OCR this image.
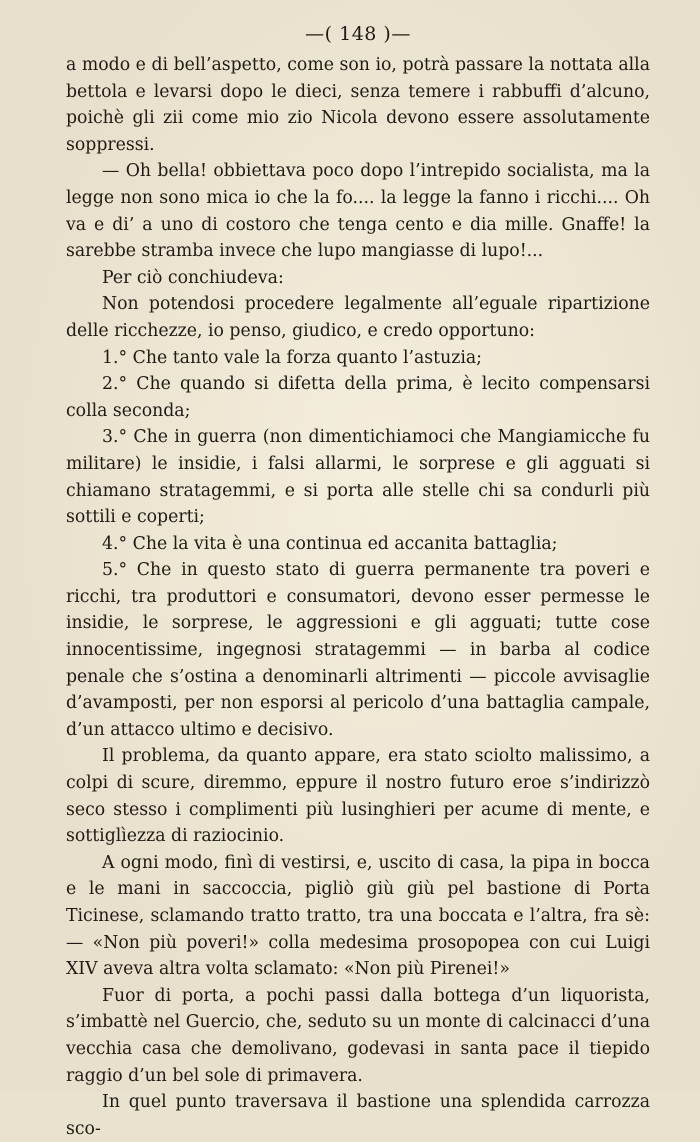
—( 148 )—

a modo e di bell’aspetto, come son io, potrà passare la nottata alla bettola e levarsi dopo le dieci, senza temere i rabbuffi d’alcuno, poichè gli zii come mio zio Nicola devono essere assolutamente soppressi.

— Oh bella! obbiettava poco dopo l’intrepido socialista, ma la legge non sono mica io che la fo.... la legge la fanno i ricchi.... Oh va e di’ a uno di costoro che tenga cento e dia mille. Gnaffe! la sarebbe stramba invece che lupo mangiasse di lupo!...

Per ciò conchiudeva:

Non potendosi procedere legalmente all’eguale ripartizione delle ricchezze, io penso, giudico, e credo opportuno:

1.° Che tanto vale la forza quanto l’astuzia;

2.° Che quando si difetta della prima, è lecito compensarsi colla seconda;

3.° Che in guerra (non dimentichiamoci che Mangiamicche fu militare) le insidie, i falsi allarmi, le sorprese e gli agguati si chiamano stratagemmi, e si porta alle stelle chi sa condurli più sottili e coperti;

4.° Che la vita è una continua ed accanita battaglia;

5.° Che in questo stato di guerra permanente tra poveri e ricchi, tra produttori e consumatori, devono esser permesse le insidie, le sorprese, le aggressioni e gli agguati; tutte cose innocentissime, ingegnosi stratagemmi — in barba al codice penale che s’ostina a denominarli altrimenti — piccole avvisaglie d’avamposti, per non esporsi al pericolo d’una battaglia campale, d’un attacco ultimo e decisivo.

Il problema, da quanto appare, era stato sciolto malissimo, a colpi di scure, diremmo, eppure il nostro futuro eroe s’indirizzò seco stesso i complimenti più lusinghieri per acume di mente, e sottiglìezza di raziocinio.

A ogni modo, finì di vestirsi, e, uscito di casa, la pipa in bocca e le mani in saccoccia, pigliò giù giù pel bastione di Porta Ticinese, sclamando tratto tratto, tra una boccata e l’altra, fra sè: — «Non più poveri!» colla medesima prosopopea con cui Luigi XIV aveva altra volta sclamato: «Non più Pirenei!»

Fuor di porta, a pochi passi dalla bottega d’un liquorista, s’imbattè nel Guercio, che, seduto su un monte di calcinacci d’una vecchia casa che demolivano, godevasi in santa pace il tiepido raggio d’un bel sole di primavera.

In quel punto traversava il bastione una splendida carrozza sco-
